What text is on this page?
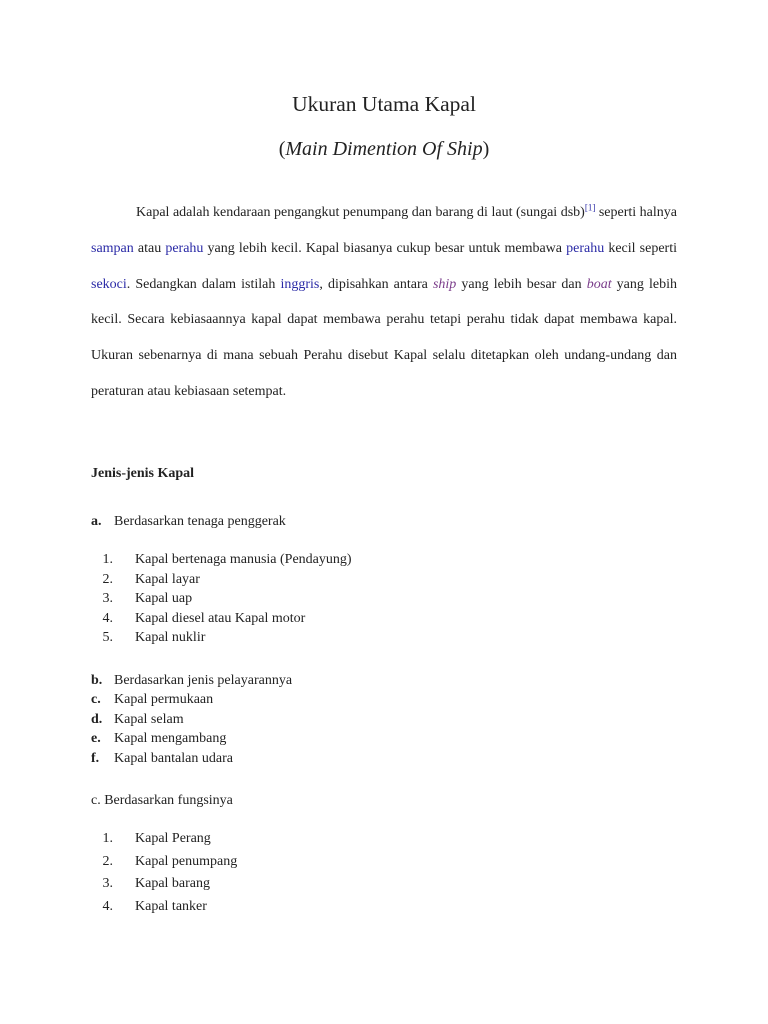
Ukuran Utama Kapal
(Main Dimention Of Ship)

Kapal adalah kendaraan pengangkut penumpang dan barang di laut (sungai dsb)[1] seperti halnya sampan atau perahu yang lebih kecil. Kapal biasanya cukup besar untuk membawa perahu kecil seperti sekoci. Sedangkan dalam istilah inggris, dipisahkan antara ship yang lebih besar dan boat yang lebih kecil. Secara kebiasaannya kapal dapat membawa perahu tetapi perahu tidak dapat membawa kapal. Ukuran sebenarnya di mana sebuah Perahu disebut Kapal selalu ditetapkan oleh undang-undang dan peraturan atau kebiasaan setempat.

Jenis-jenis Kapal
a. Berdasarkan tenaga penggerak
1. Kapal bertenaga manusia (Pendayung)
2. Kapal layar
3. Kapal uap
4. Kapal diesel atau Kapal motor
5. Kapal nuklir
b. Berdasarkan jenis pelayarannya
c. Kapal permukaan
d. Kapal selam
e. Kapal mengambang
f. Kapal bantalan udara
c. Berdasarkan fungsinya
1. Kapal Perang
2. Kapal penumpang
3. Kapal barang
4. Kapal tanker
